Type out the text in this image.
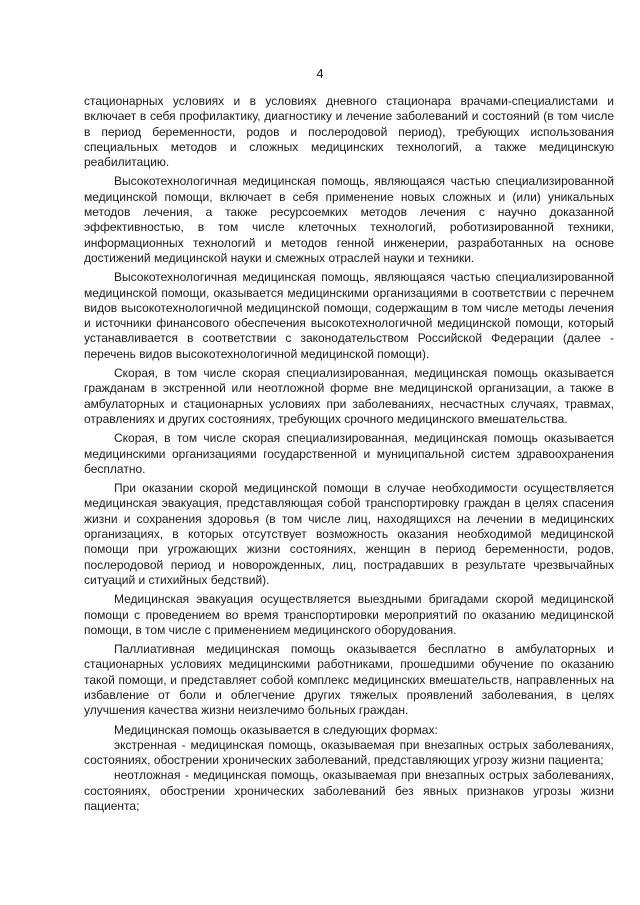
4

стационарных условиях и в условиях дневного стационара врачами-специалистами и включает в себя профилактику, диагностику и лечение заболеваний и состояний (в том числе в период беременности, родов и послеродовой период), требующих использования специальных методов и сложных медицинских технологий, а также медицинскую реабилитацию.

Высокотехнологичная медицинская помощь, являющаяся частью специализированной медицинской помощи, включает в себя применение новых сложных и (или) уникальных методов лечения, а также ресурсоемких методов лечения с научно доказанной эффективностью, в том числе клеточных технологий, роботизированной техники, информационных технологий и методов генной инженерии, разработанных на основе достижений медицинской науки и смежных отраслей науки и техники.

Высокотехнологичная медицинская помощь, являющаяся частью специализированной медицинской помощи, оказывается медицинскими организациями в соответствии с перечнем видов высокотехнологичной медицинской помощи, содержащим в том числе методы лечения и источники финансового обеспечения высокотехнологичной медицинской помощи, который устанавливается в соответствии с законодательством Российской Федерации (далее - перечень видов высокотехнологичной медицинской помощи).

Скорая, в том числе скорая специализированная, медицинская помощь оказывается гражданам в экстренной или неотложной форме вне медицинской организации, а также в амбулаторных и стационарных условиях при заболеваниях, несчастных случаях, травмах, отравлениях и других состояниях, требующих срочного медицинского вмешательства.

Скорая, в том числе скорая специализированная, медицинская помощь оказывается медицинскими организациями государственной и муниципальной систем здравоохранения бесплатно.

При оказании скорой медицинской помощи в случае необходимости осуществляется медицинская эвакуация, представляющая собой транспортировку граждан в целях спасения жизни и сохранения здоровья (в том числе лиц, находящихся на лечении в медицинских организациях, в которых отсутствует возможность оказания необходимой медицинской помощи при угрожающих жизни состояниях, женщин в период беременности, родов, послеродовой период и новорожденных, лиц, пострадавших в результате чрезвычайных ситуаций и стихийных бедствий).

Медицинская эвакуация осуществляется выездными бригадами скорой медицинской помощи с проведением во время транспортировки мероприятий по оказанию медицинской помощи, в том числе с применением медицинского оборудования.

Паллиативная медицинская помощь оказывается бесплатно в амбулаторных и стационарных условиях медицинскими работниками, прошедшими обучение по оказанию такой помощи, и представляет собой комплекс медицинских вмешательств, направленных на избавление от боли и облегчение других тяжелых проявлений заболевания, в целях улучшения качества жизни неизлечимо больных граждан.

Медицинская помощь оказывается в следующих формах:

экстренная - медицинская помощь, оказываемая при внезапных острых заболеваниях, состояниях, обострении хронических заболеваний, представляющих угрозу жизни пациента;

неотложная - медицинская помощь, оказываемая при внезапных острых заболеваниях, состояниях, обострении хронических заболеваний без явных признаков угрозы жизни пациента;
